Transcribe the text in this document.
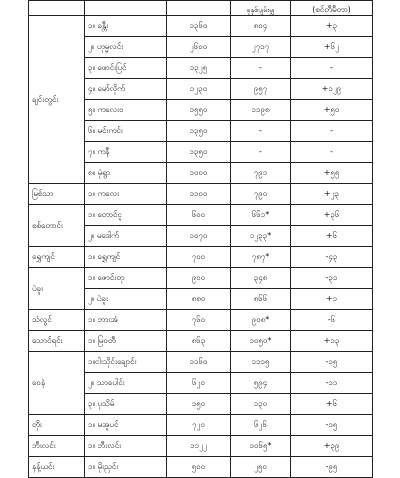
			ခုနှစ်ပျမ်းမျှ	(စင်တီမီတာ)
ချင်းတွင်း	၁။ ခန္တီး	၁၃၆၀	၈၀၄	+၃
	၂။ ဟုမ္မလင်း	၂၆၀၀	၂၇၁၇	+၆၂
	၃။ ဖောင်းပြင်	၁၃၂၅	-	-
	၄။ မော်လိုက်	၁၂၃၀	၉၅၇	+၁၂၉
	၅။ ကလေးဝ	၁၅၅၀	၁၁၉၈	+၅၀
	၆။ မင်းကင်း	၁၃၅၀	-	-
	၇။ ကနီ	၁၃၅၀	-	-
	၈။ မုံရွာ	၁၀၀၀	၇၉၁	+၅၅
မြစ်သာ	၁။ ကလေး	၁၁၀၀	၇၉၀	+၂၃
စစ်တောင်း	၁။ တောင်ငူ	၆၀၀	၆၆၁*	+၃၆
	၂။ မဒေါက်	၁၀၇၀	၁၂၃၃*	+၆
ရွှေကျင်	၁။ ရွှေကျင်	၇၀၀	၇၈၇*	-၄၃
ပဲခူး	၁။ ဇောင်းတု	၉၀၀	၃၄၈	-၃၁
	၂။ ပဲခူး	၈၈၀	၈၆၆	+၁
သံလွင်	၁။ ဘားအံ	၇၆၀	၉၀၈*	-၆
သောင်ရင်း	၁။ မြဝတီ	၈၆၃	၁၀၅၀*	+၁၃
ဝေနဲ	၁။ငါးသိုင်းချောင်း	၁၁၆၀	၁၁၁၅	-၁၅
	၂။ သာပေါင်း	၆၂၀	၅၉၄	-၁၁
	၃။ ပုသိမ်	၁၅၀	၁၃၀	+၆
တိုး	၁။ မအူပင်	၇၂၀	၆၂၆	-၁၅
ဘီးလင်း	၁။ ဘီးလင်း	၁၁၂၂	၁၀၆၅*	+၃၉
နန့်ယင်း	၁။ မိုးညှင်း	၅၀၀	၂၅၀	-၉၅
